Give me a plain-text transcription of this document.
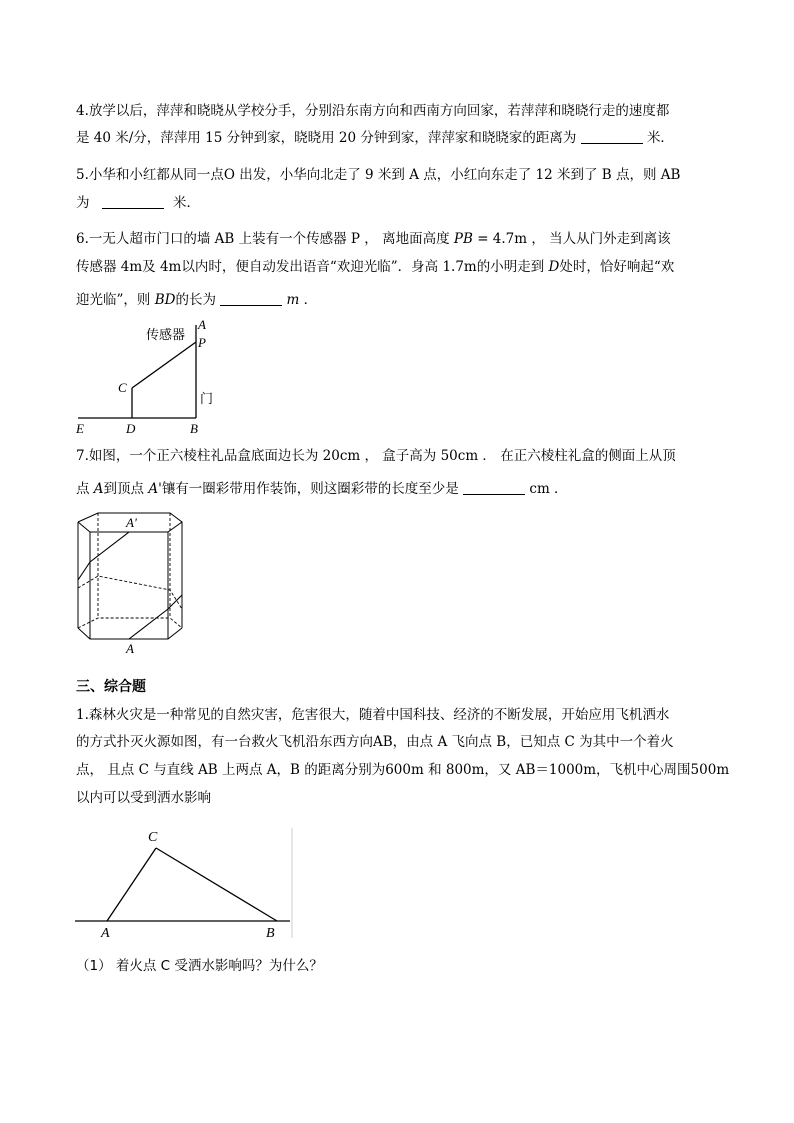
4.放学以后，萍萍和晓晓从学校分手，分别沿东南方向和西南方向回家，若萍萍和晓晓行走的速度都
是 40 米/分，萍萍用 15 分钟到家，晓晓用 20 分钟到家，萍萍家和晓晓家的距离为	米．
5.小华和小红都从同一点O 出发，小华向北走了 9 米到 A 点，小红向东走了 12 米到了 B 点，则 AB
为	米．
6.一无人超市门口的墙 AB 上装有一个传感器 P ， 离地面高度 PB = 4.7m ， 当人从门外走到离该
传感器 4m及 4m以内时，便自动发出语音“欢迎光临”．身高 1.7m的小明走到 D处时，恰好响起“欢
迎光临”，则 BD的长为	m ．
传感器
A
P
C
门
E	D	B
7.如图，一个正六棱柱礼品盒底面边长为 20cm ， 盒子高为 50cm ． 在正六棱柱礼盒的侧面上从顶
点 A到顶点 A'镶有一圈彩带用作装饰，则这圈彩带的长度至少是	cm ．
A'
A
三、综合题
1.森林火灾是一种常见的自然灾害，危害很大，随着中国科技、经济的不断发展，开始应用飞机洒水
的方式扑灭火源如图，有一台救火飞机沿东西方向AB，由点 A 飞向点 B，已知点 C 为其中一个着火
点， 且点 C 与直线 AB 上两点 A，B 的距离分别为600m 和 800m，又 AB＝1000m，飞机中心周围500m
以内可以受到洒水影响
C
A	B
（1） 着火点 C 受洒水影响吗？为什么？
